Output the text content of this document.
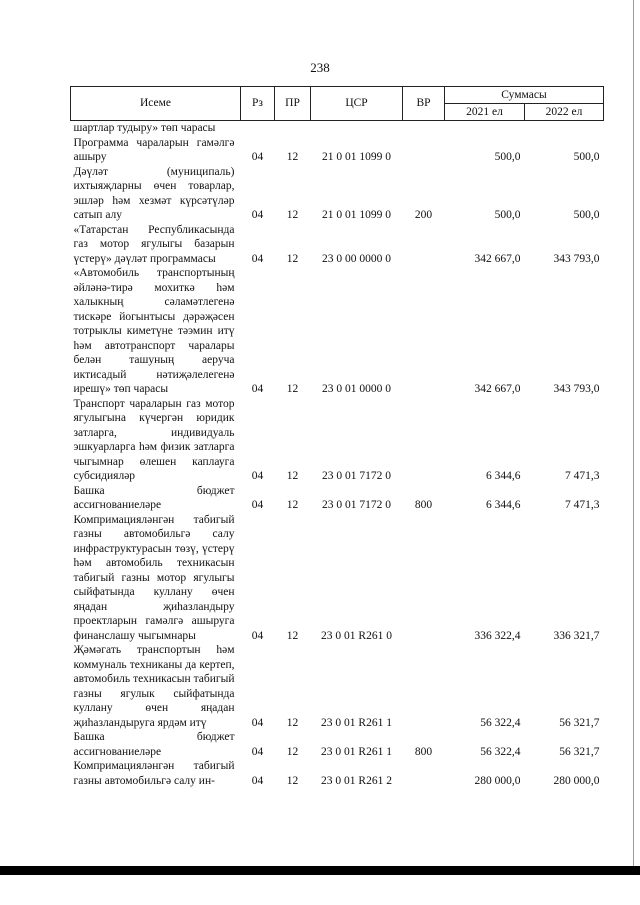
238
Исеме	Рз	ПР	ЦСР	ВР	Суммасы	
					2021 ел	2022 ел
шартлар тудыру» төп чарасы						
Программа чараларын гамәлгә ашыру	04	12	21 0 01 1099 0		500,0	500,0
Дәүләт (муниципаль) ихтыяҗларны өчен товарлар, эшләр һәм хезмәт күрсәтүләр сатып алу	04	12	21 0 01 1099 0	200	500,0	500,0
«Татарстан Республикасында газ мотор ягулыгы базарын үстерү» дәүләт программасы	04	12	23 0 00 0000 0		342 667,0	343 793,0
«Автомобиль транспортының әйләнә-тирә мохиткә һәм халыкның сәламәтлегенә тискәре йогынтысы дәрәҗәсен тотрыклы киметүне тәэмин итү һәм автотранспорт чаралары белән ташуның аеруча иктисадый нәтиҗәлелегенә ирешү» төп чарасы	04	12	23 0 01 0000 0		342 667,0	343 793,0
Транспорт чараларын газ мотор ягулыгына күчергән юридик затларга, индивидуаль эшкуарларга һәм физик затларга чыгымнар өлешен каплауга субсидияләр	04	12	23 0 01 7172 0		6 344,6	7 471,3
Башка бюджет ассигнованиеләре	04	12	23 0 01 7172 0	800	6 344,6	7 471,3
Компримацияләнгән табигый газны автомобильгә салу инфраструктурасын төзү, үстерү һәм автомобиль техникасын табигый газны мотор ягулыгы сыйфатында куллану өчен яңадан җиһазландыру проектларын гамәлгә ашыруга финанслашу чыгымнары	04	12	23 0 01 R261 0		336 322,4	336 321,7
Җәмәгать транспортын һәм коммуналь техниканы да кертеп, автомобиль техникасын табигый газны ягулык сыйфатында куллану өчен яңадан җиһазландыруга ярдәм итү	04	12	23 0 01 R261 1		56 322,4	56 321,7
Башка бюджет ассигнованиеләре	04	12	23 0 01 R261 1	800	56 322,4	56 321,7
Компримацияләнгән табигый газны автомобильгә салу ин-	04	12	23 0 01 R261 2		280 000,0	280 000,0
